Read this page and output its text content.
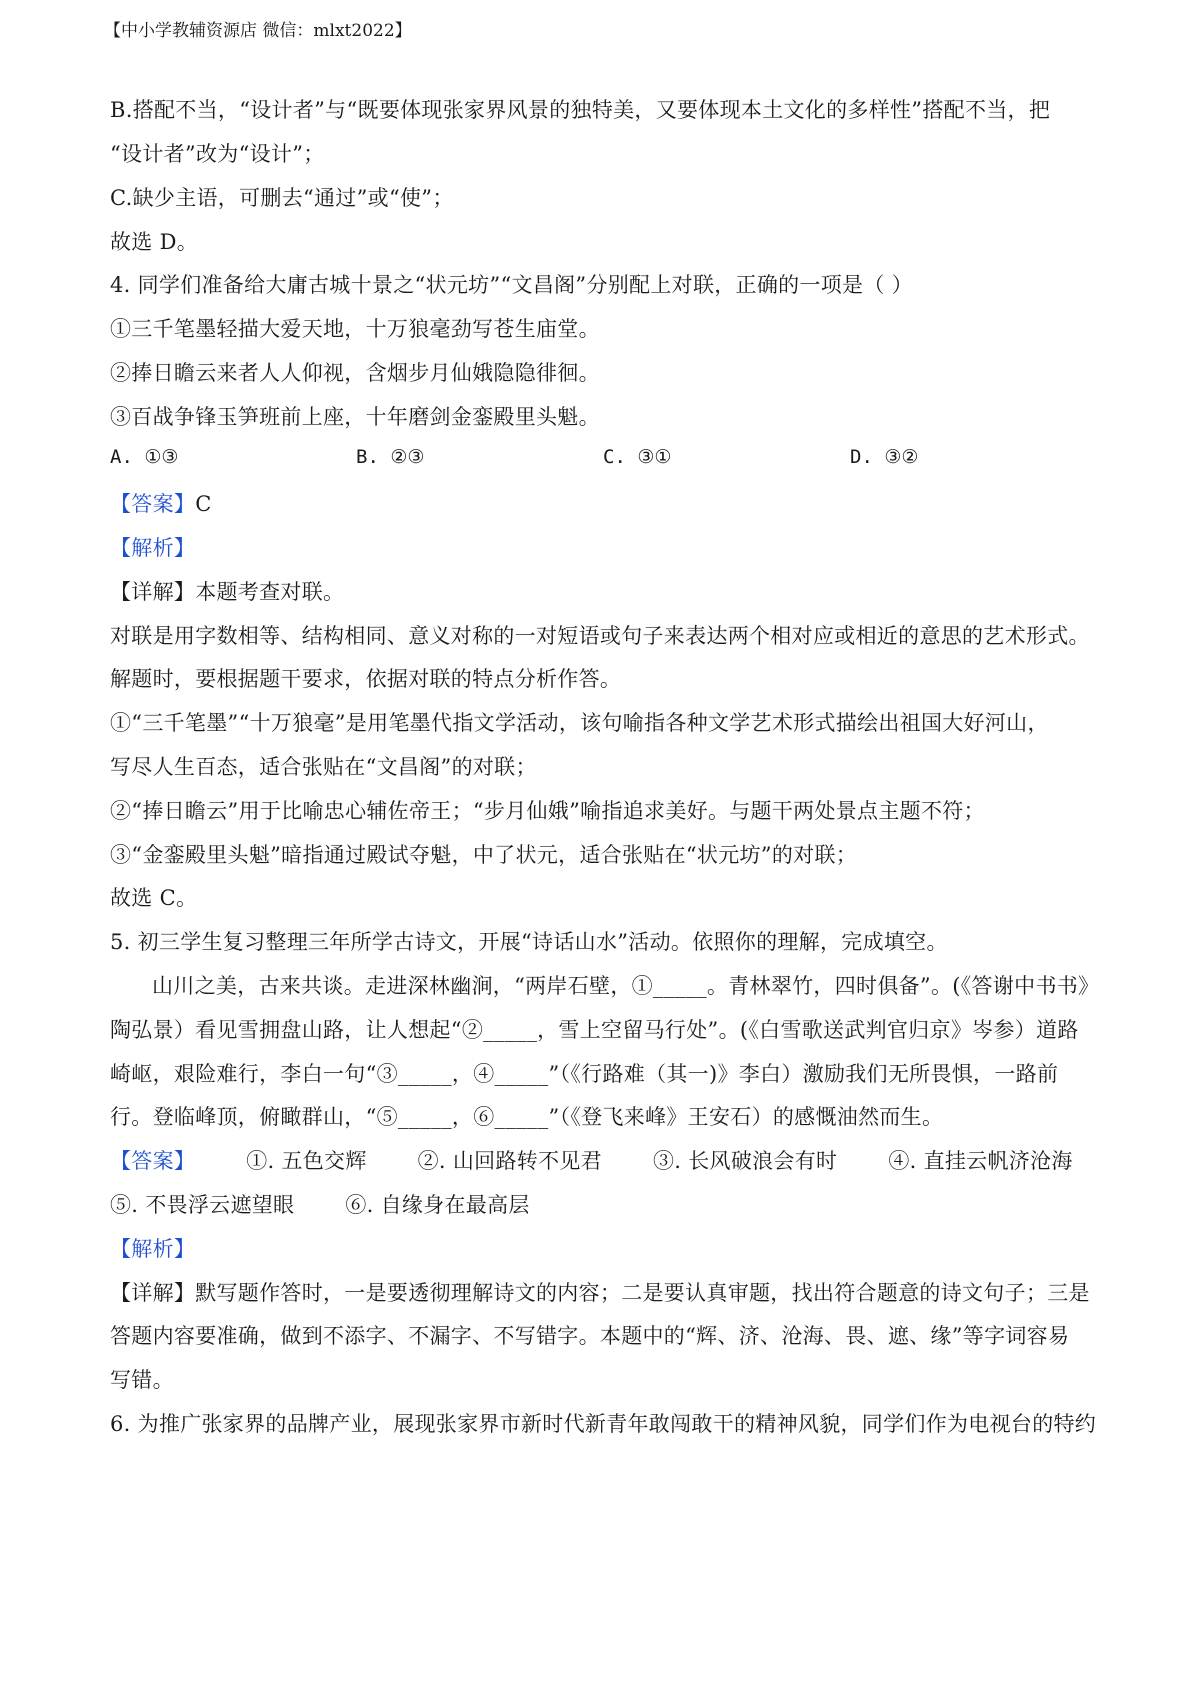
【中小学教辅资源店 微信：mlxt2022】
B.搭配不当，“设计者”与“既要体现张家界风景的独特美，又要体现本土文化的多样性”搭配不当，把
“设计者”改为“设计”；
C.缺少主语，可删去“通过”或“使”；
故选 D。
4. 同学们准备给大庸古城十景之“状元坊”“文昌阁”分别配上对联，正确的一项是（ ）
①三千笔墨轻描大爱天地，十万狼毫劲写苍生庙堂。
②捧日瞻云来者人人仰视，含烟步月仙娥隐隐徘徊。
③百战争锋玉笋班前上座，十年磨剑金銮殿里头魁。
A. ①③	B. ②③	C. ③①	D. ③②
【答案】C
【解析】
【详解】本题考查对联。
对联是用字数相等、结构相同、意义对称的一对短语或句子来表达两个相对应或相近的意思的艺术形式。
解题时，要根据题干要求，依据对联的特点分析作答。
①“三千笔墨”“十万狼毫”是用笔墨代指文学活动，该句喻指各种文学艺术形式描绘出祖国大好河山，
写尽人生百态，适合张贴在“文昌阁”的对联；
②“捧日瞻云”用于比喻忠心辅佐帝王；“步月仙娥”喻指追求美好。与题干两处景点主题不符；
③“金銮殿里头魁”暗指通过殿试夺魁，中了状元，适合张贴在“状元坊”的对联；
故选 C。
5. 初三学生复习整理三年所学古诗文，开展“诗话山水”活动。依照你的理解，完成填空。
山川之美，古来共谈。走进深林幽涧，“两岸石壁，①_____。青林翠竹，四时俱备”。(《答谢中书书》
陶弘景）看见雪拥盘山路，让人想起“②_____，雪上空留马行处”。(《白雪歌送武判官归京》岑参）道路
崎岖，艰险难行，李白一句“③_____，④_____”（《行路难（其一)》李白）激励我们无所畏惧，一路前
行。登临峰顶，俯瞰群山，“⑤_____，⑥_____”（《登飞来峰》王安石）的感慨油然而生。
【答案】 ①. 五色交辉 ②. 山回路转不见君 ③. 长风破浪会有时 ④. 直挂云帆济沧海
⑤. 不畏浮云遮望眼 ⑥. 自缘身在最高层
【解析】
【详解】默写题作答时，一是要透彻理解诗文的内容；二是要认真审题，找出符合题意的诗文句子；三是
答题内容要准确，做到不添字、不漏字、不写错字。本题中的“辉、济、沧海、畏、遮、缘”等字词容易
写错。
6. 为推广张家界的品牌产业，展现张家界市新时代新青年敢闯敢干的精神风貌，同学们作为电视台的特约
